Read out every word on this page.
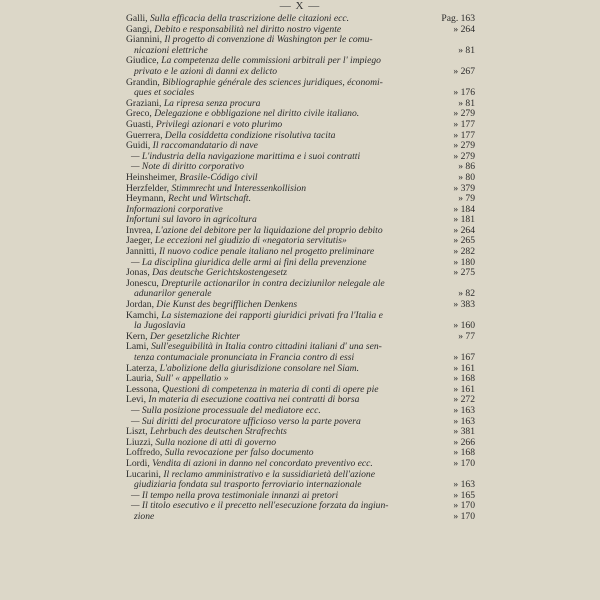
— X —
Galli, Sulla efficacia della trascrizione delle citazioni ecc.	Pag. 163
Gangi, Debito e responsabilità nel diritto nostro vigente	» 264
Giannini, Il progetto di convenzione di Washington per le comu-
nicazioni elettriche	» 81
Giudice, La competenza delle commissioni arbitrali per l' impiego
privato e le azioni di danni ex delicto	» 267
Grandin, Bibliographie générale des sciences juridiques, économi-
ques et sociales	» 176
Graziani, La ripresa senza procura	» 81
Greco, Delegazione e obbligazione nel diritto civile italiano.	» 279
Guasti, Privilegi azionari e voto plurimo	» 177
Guerrera, Della cosiddetta condizione risolutiva tacita	» 177
Guidi, Il raccomandatario di nave	» 279
— L'industria della navigazione marittima e i suoi contratti	» 279
— Note di diritto corporativo	» 86
Heinsheimer, Brasile-Código civil	» 80
Herzfelder, Stimmrecht und Interessenkollision	» 379
Heymann, Recht und Wirtschaft.	» 79
Informazioni corporative	» 184
Infortuni sul lavoro in agricoltura	» 181
Invrea, L'azione del debitore per la liquidazione del proprio debito	» 264
Jaeger, Le eccezioni nel giudizio di «negatoria servitutis»	» 265
Jannitti, Il nuovo codice penale italiano nel progetto preliminare	» 282
— La disciplina giuridica delle armi ai fini della prevenzione	» 180
Jonas, Das deutsche Gerichtskostengesetz	» 275
Jonescu, Drepturile actionarilor in contra deciziunilor nelegale ale
adunarilor generale	» 82
Jordan, Die Kunst des begrifflichen Denkens	» 383
Kamchi, La sistemazione dei rapporti giuridici privati fra l'Italia e
la Jugoslavia	» 160
Kern, Der gesetzliche Richter	» 77
Lami, Sull'eseguibilità in Italia contro cittadini italiani d' una sen-
tenza contumaciale pronunciata in Francia contro di essi	» 167
Laterza, L'abolizione della giurisdizione consolare nel Siam.	» 161
Lauria, Sull' « appellatio »	» 168
Lessona, Questioni di competenza in materia di conti di opere pie	» 161
Levi, In materia di esecuzione coattiva nei contratti di borsa	» 272
— Sulla posizione processuale del mediatore ecc.	» 163
— Sui diritti del procuratore ufficioso verso la parte povera	» 163
Liszt, Lehrbuch des deutschen Strafrechts	» 381
Liuzzi, Sulla nozione di atti di governo	» 266
Loffredo, Sulla revocazione per falso documento	» 168
Lordi, Vendita di azioni in danno nel concordato preventivo ecc.	» 170
Lucarini, Il reclamo amministrativo e la sussidiarietà dell'azione
giudiziaria fondata sul trasporto ferroviario internazionale	» 163
— Il tempo nella prova testimoniale innanzi ai pretori	» 165
— Il titolo esecutivo e il precetto nell'esecuzione forzata da ingiun-	» 170
zione	» 170
